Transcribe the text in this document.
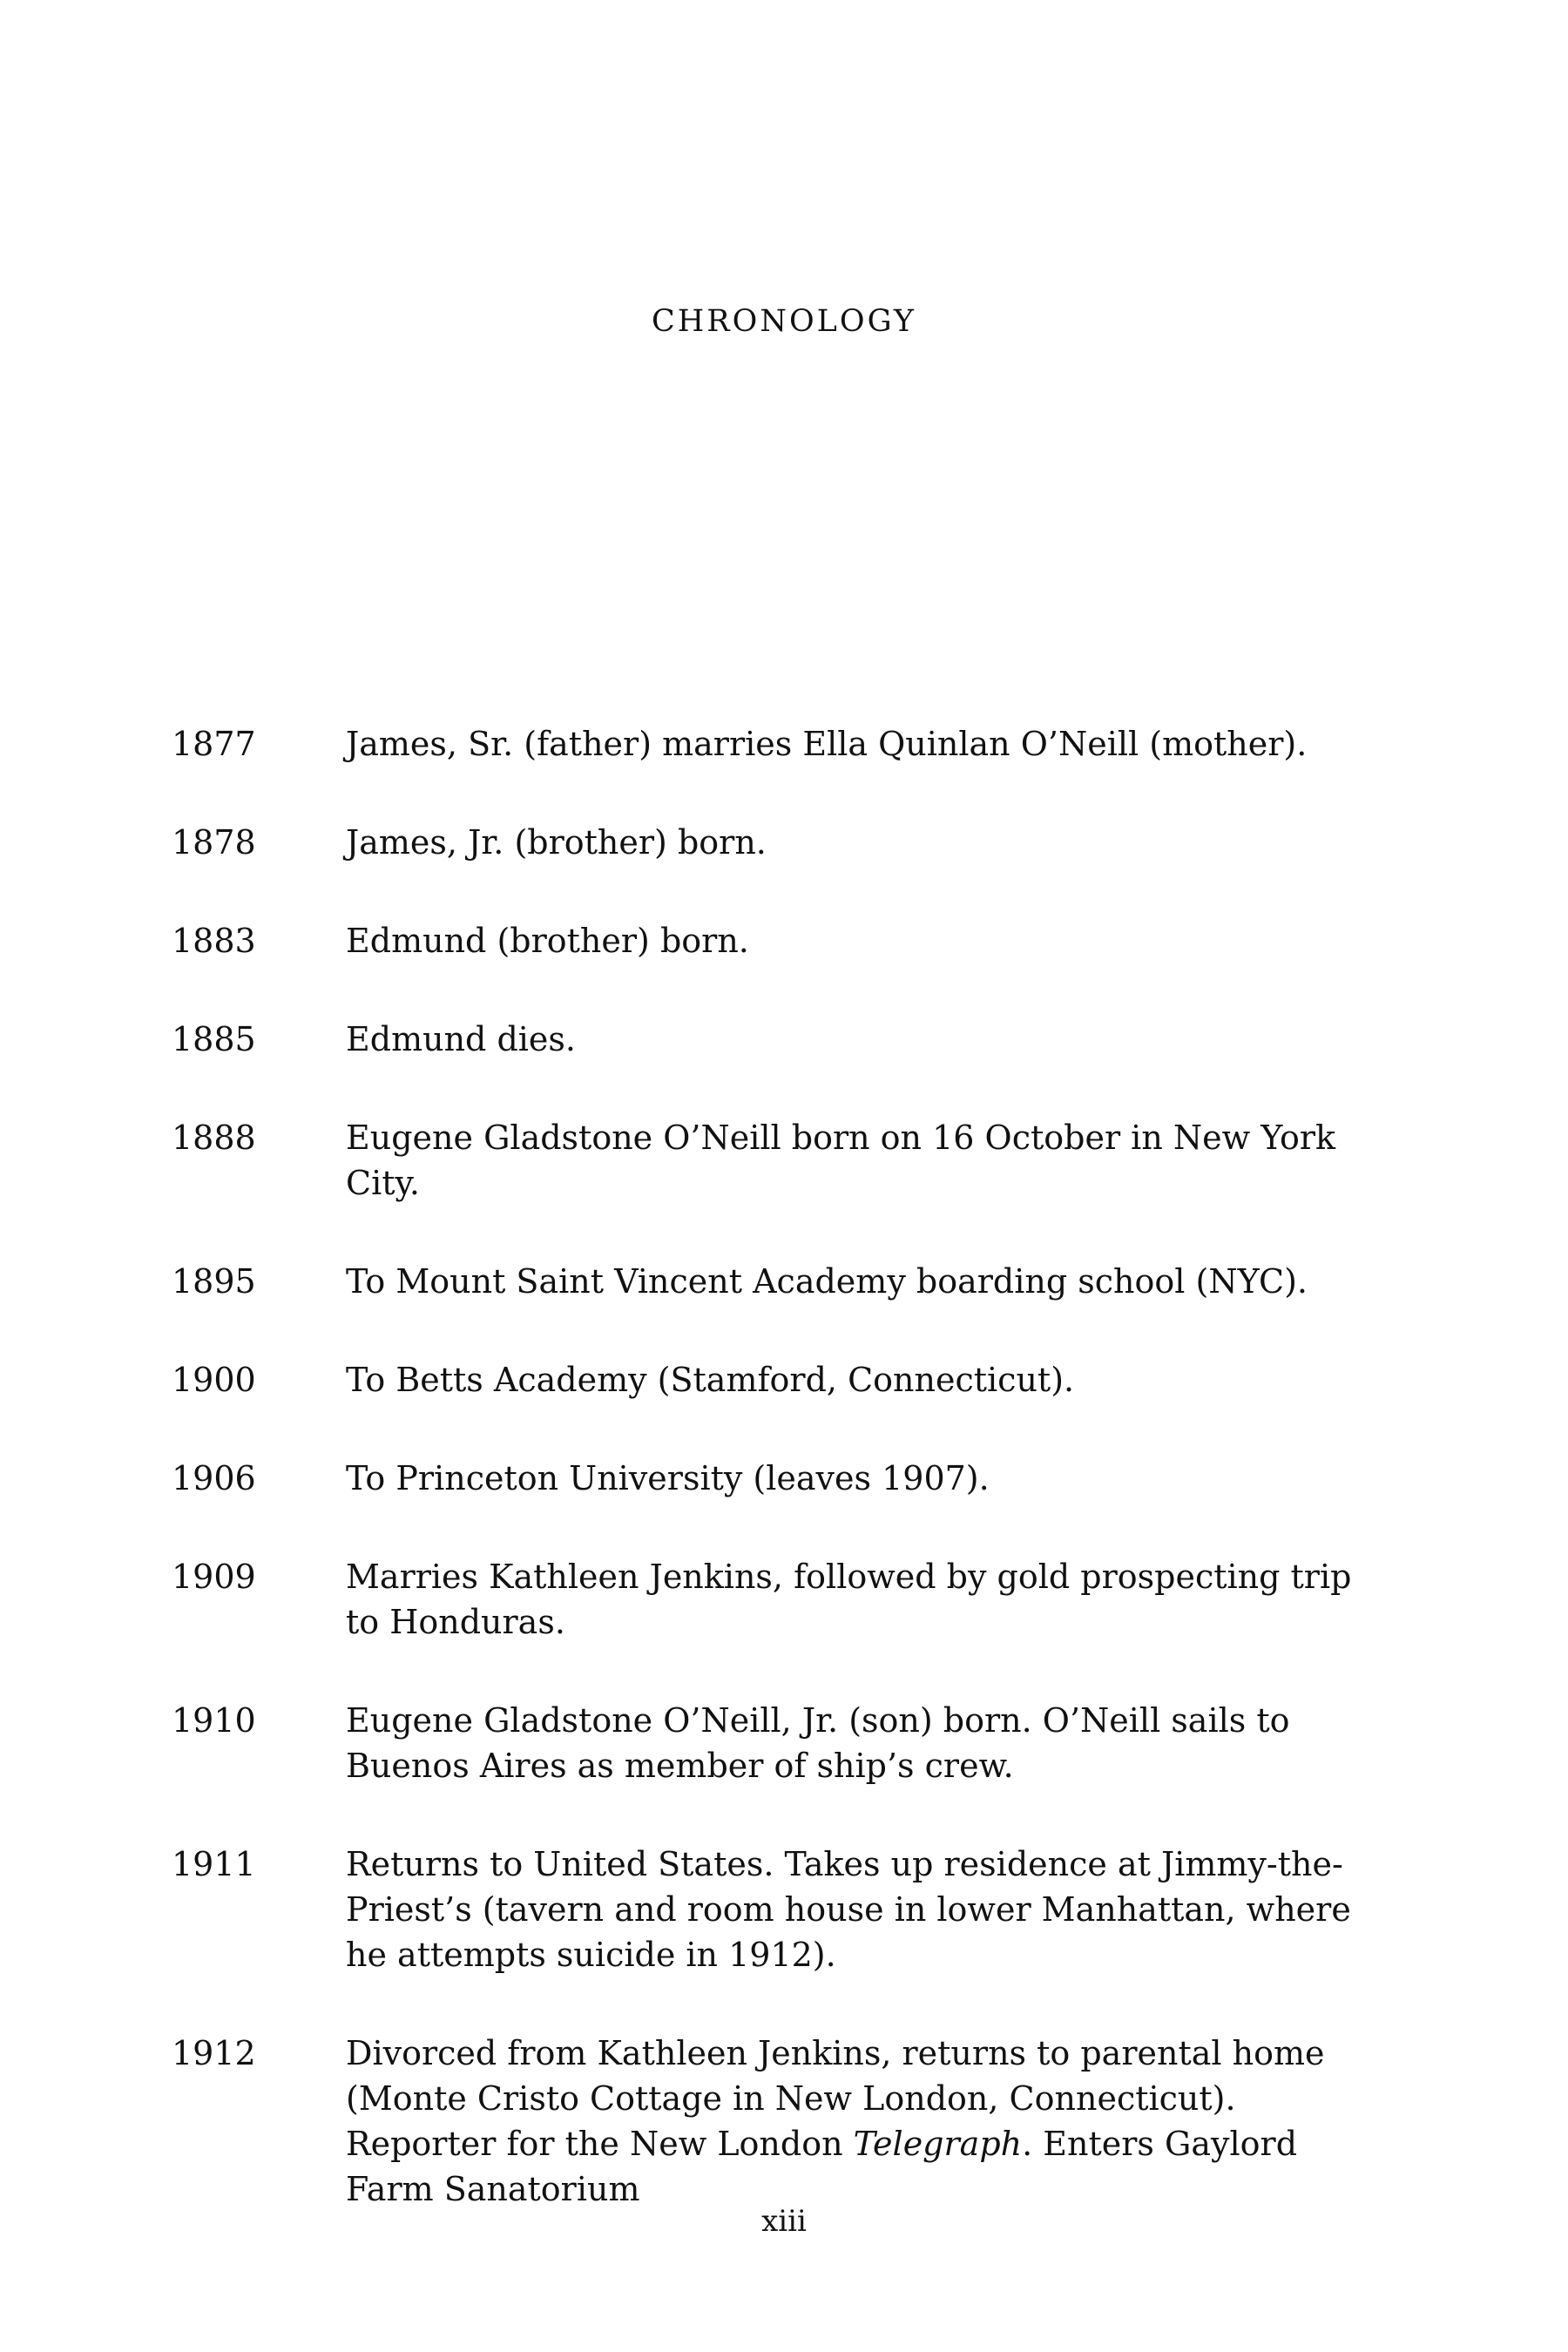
CHRONOLOGY
1877	James, Sr. (father) marries Ella Quinlan O’Neill (mother).
1878	James, Jr. (brother) born.
1883	Edmund (brother) born.
1885	Edmund dies.
1888	Eugene Gladstone O’Neill born on 16 October in New York City.
1895	To Mount Saint Vincent Academy boarding school (NYC).
1900	To Betts Academy (Stamford, Connecticut).
1906	To Princeton University (leaves 1907).
1909	Marries Kathleen Jenkins, followed by gold prospecting trip to Honduras.
1910	Eugene Gladstone O’Neill, Jr. (son) born. O’Neill sails to Buenos Aires as member of ship’s crew.
1911	Returns to United States. Takes up residence at Jimmy-the-Priest’s (tavern and room house in lower Manhattan, where he attempts suicide in 1912).
1912	Divorced from Kathleen Jenkins, returns to parental home (Monte Cristo Cottage in New London, Connecticut). Reporter for the New London Telegraph. Enters Gaylord Farm Sanatorium
xiii
